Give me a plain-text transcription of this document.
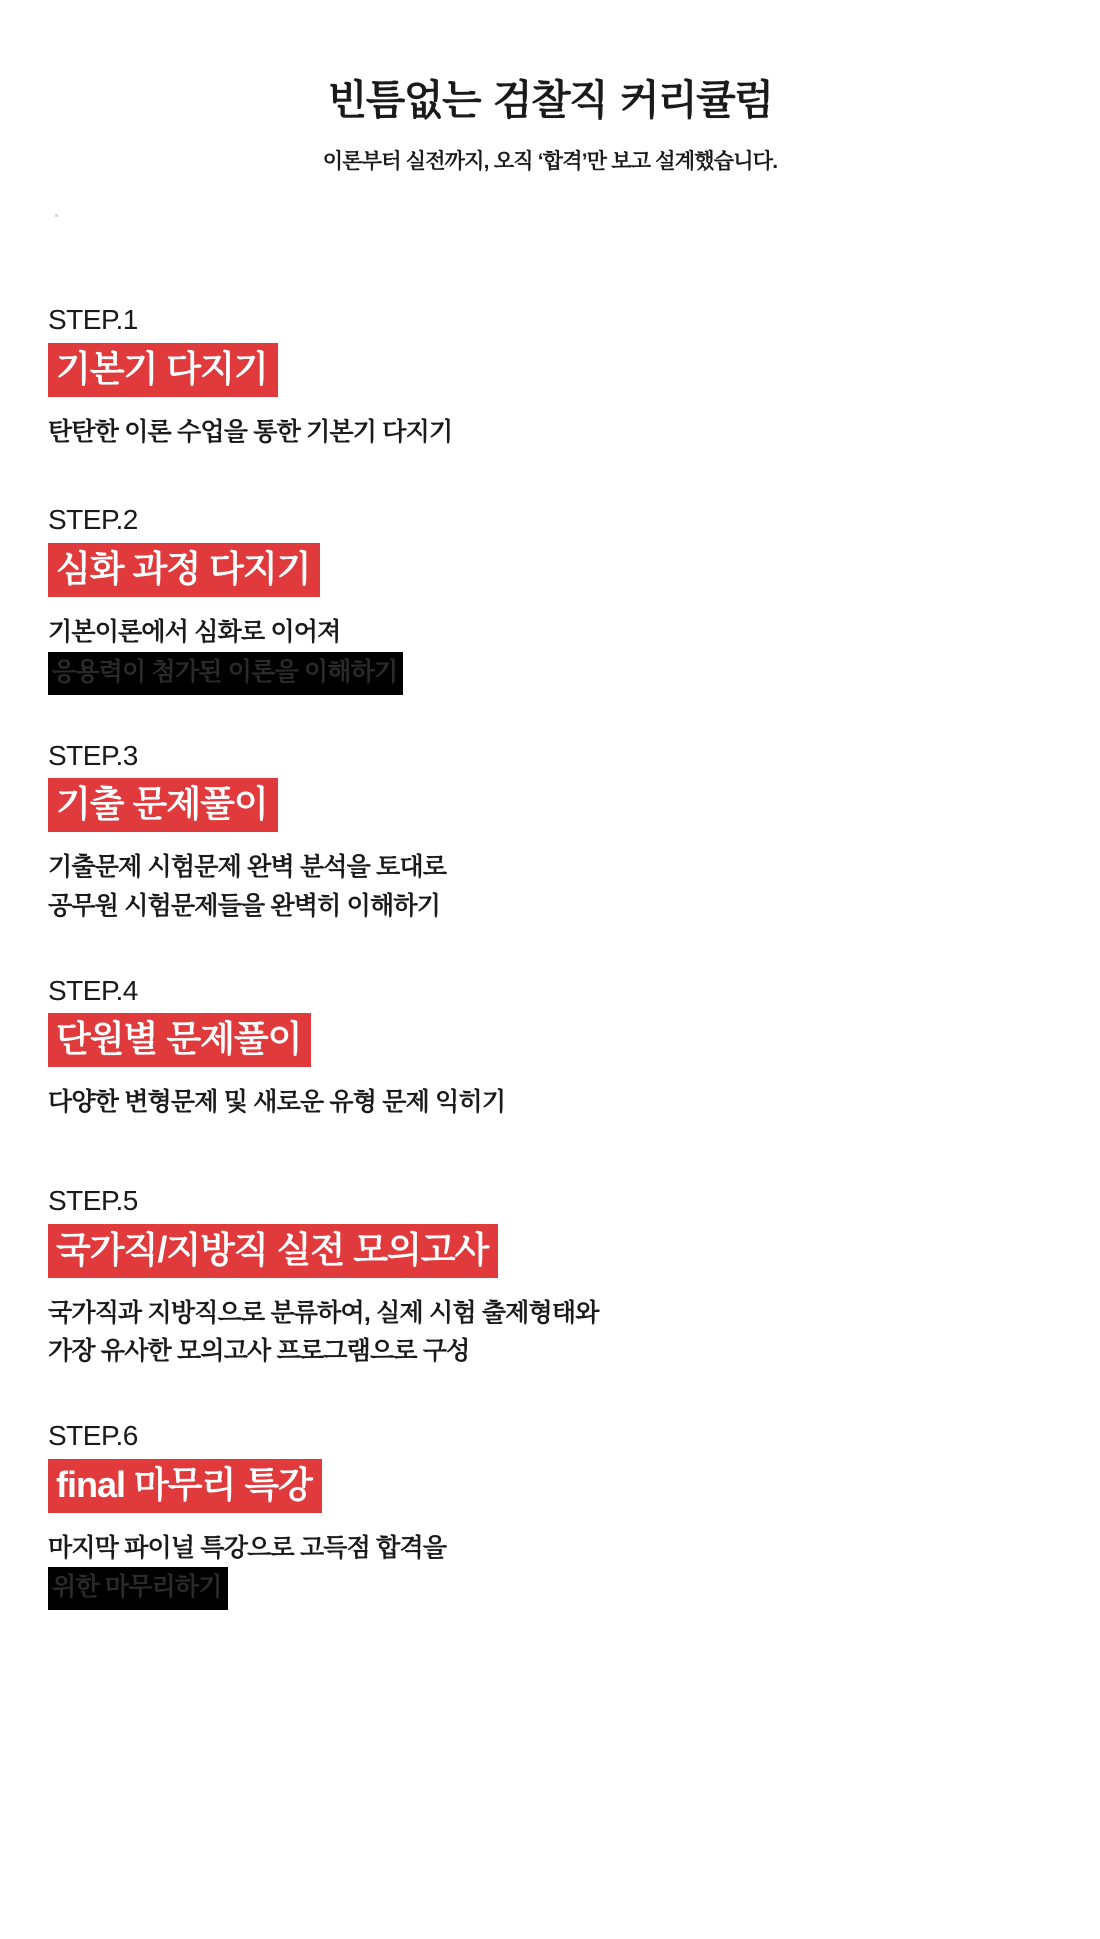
빈틈없는 검찰직 커리큘럼
이론부터 실전까지, 오직 ‘합격’만 보고 설계했습니다.
STEP.1
기본기 다지기
탄탄한 이론 수업을 통한 기본기 다지기
STEP.2
심화 과정 다지기
기본이론에서 심화로 이어져
응용력이 첨가된 이론을 이해하기
STEP.3
기출 문제풀이
기출문제 시험문제 완벽 분석을 토대로
공무원 시험문제들을 완벽히 이해하기
STEP.4
단원별 문제풀이
다양한 변형문제 및 새로운 유형 문제 익히기
STEP.5
국가직/지방직 실전 모의고사
국가직과 지방직으로 분류하여, 실제 시험 출제형태와
가장 유사한 모의고사 프로그램으로 구성
STEP.6
final 마무리 특강
마지막 파이널 특강으로 고득점 합격을
위한 마무리하기
